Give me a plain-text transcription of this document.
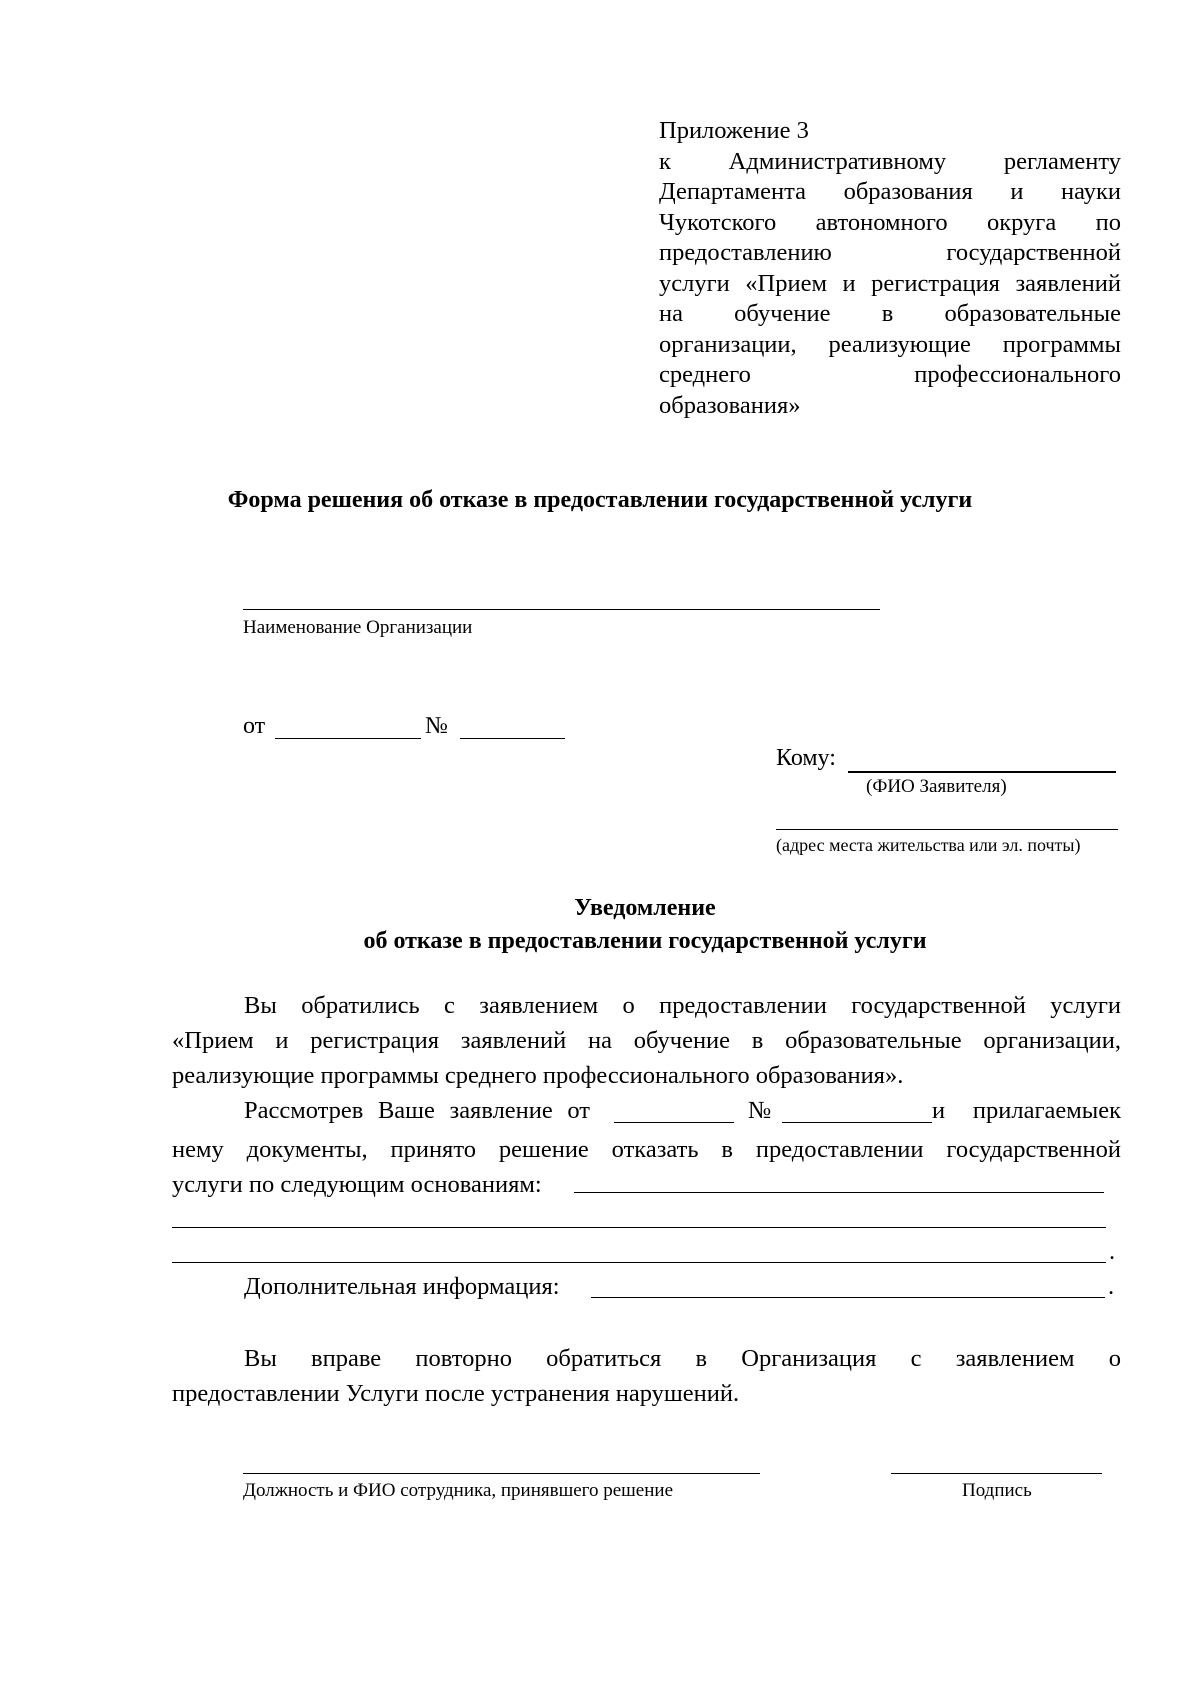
Приложение 3
к Административному регламенту
Департамента образования и науки
Чукотского автономного округа по
предоставлению государственной
услуги «Прием и регистрация заявлений
на обучение в образовательные
организации, реализующие программы
среднего профессионального
образования»
Форма решения об отказе в предоставлении государственной услуги
Наименование Организации
от	№
Кому:
(ФИО Заявителя)
(адрес места жительства или эл. почты)
Уведомление
об отказе в предоставлении государственной услуги
Вы обратились с заявлением о предоставлении государственной услуги
«Прием и регистрация заявлений на обучение в образовательные организации,
реализующие программы среднего профессионального образования».
Рассмотрев Ваше заявление от	№	и прилагаемыек
нему документы, принято решение отказать в предоставлении государственной
услуги по следующим основаниям:
.
Дополнительная информация:	.
Вы вправе повторно обратиться в Организация с заявлением о
предоставлении Услуги после устранения нарушений.
Должность и ФИО сотрудника, принявшего решение	Подпись
